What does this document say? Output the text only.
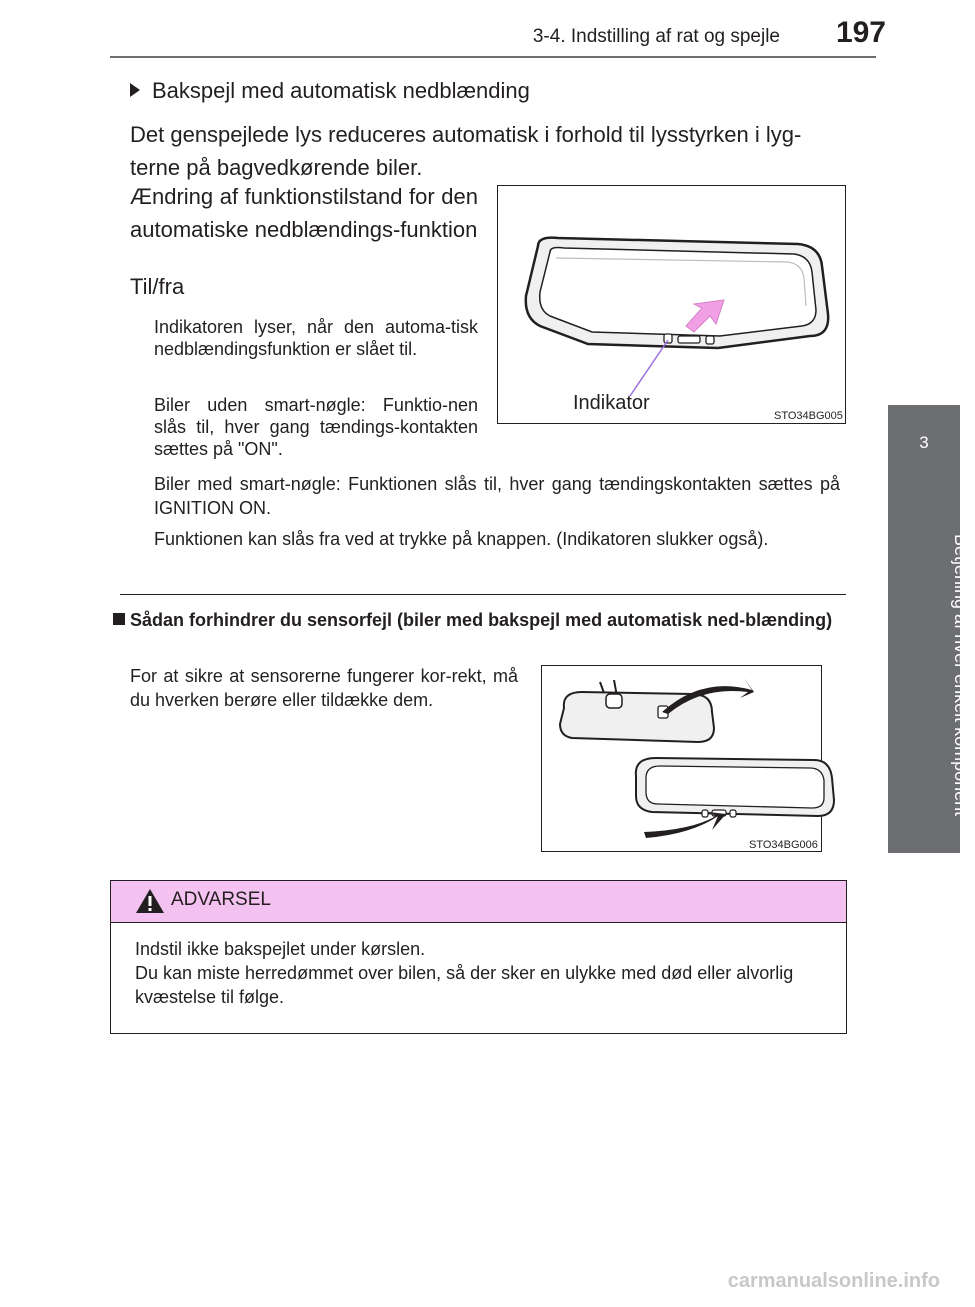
3-4. Indstilling af rat og spejle	197
3
Betjening af hver enkelt komponent
Bakspejl med automatisk nedblænding
Det genspejlede lys reduceres automatisk i forhold til lysstyrken i lyg-terne på bagvedkørende biler.
Ændring af funktionstilstand for den automatiske nedblændings-funktion
Til/fra
Indikatoren lyser, når den automa-tisk nedblændingsfunktion er slået til.
Biler uden smart-nøgle: Funktio-nen slås til, hver gang tændings-kontakten sættes på "ON".
Biler med smart-nøgle: Funktionen slås til, hver gang tændingskontakten sættes på IGNITION ON.
Funktionen kan slås fra ved at trykke på knappen. (Indikatoren slukker også).
Indikator
STO34BG005
Sådan forhindrer du sensorfejl (biler med bakspejl med automatisk ned-blænding)
For at sikre at sensorerne fungerer kor-rekt, må du hverken berøre eller tildække dem.
STO34BG006
ADVARSEL
Indstil ikke bakspejlet under kørslen.
Du kan miste herredømmet over bilen, så der sker en ulykke med død eller alvorlig kvæstelse til følge.
carmanualsonline.info
